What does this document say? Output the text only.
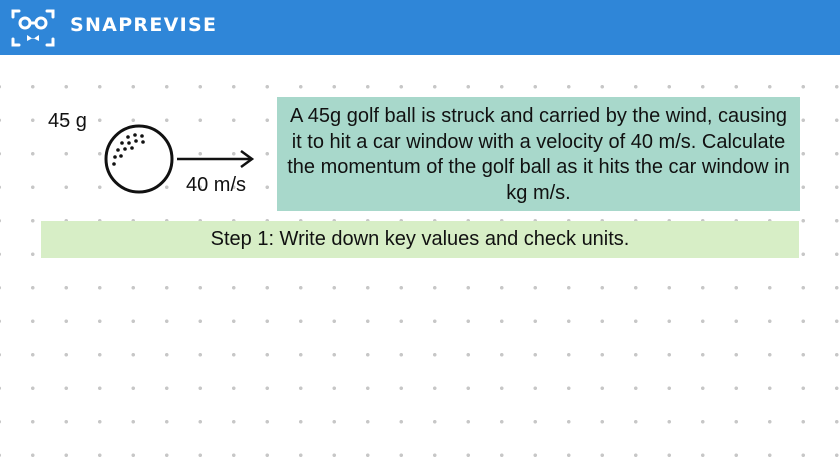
SNAPREVISE
45 g
40 m/s
A 45g golf ball is struck and carried by the wind, causing it to hit a car window with a velocity of 40 m/s. Calculate the momentum of the golf ball as it hits the car window in kg m/s.
Step 1: Write down key values and check units.
